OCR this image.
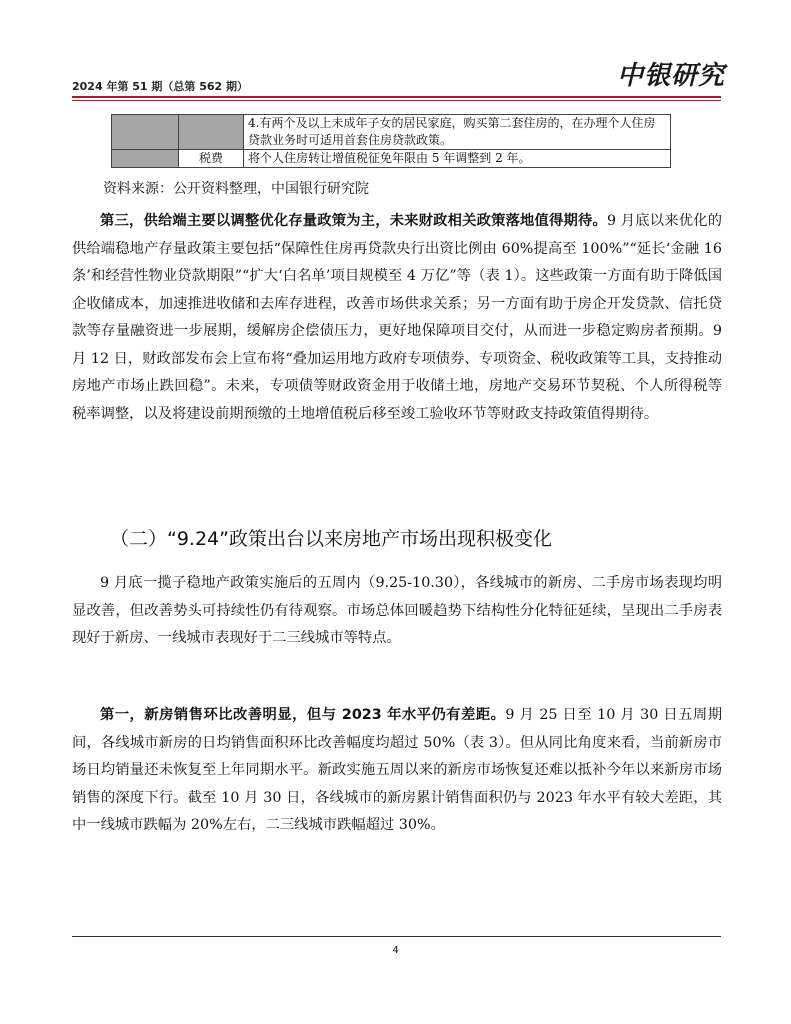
2024 年第 51 期（总第 562 期）	中银研究
		4.有两个及以上未成年子女的居民家庭，购买第二套住房的，在办理个人住房贷款业务时可适用首套住房贷款政策。
	税费	将个人住房转让增值税征免年限由 5 年调整到 2 年。
资料来源：公开资料整理，中国银行研究院

第三，供给端主要以调整优化存量政策为主，未来财政相关政策落地值得期待。9 月底以来优化的供给端稳地产存量政策主要包括“保障性住房再贷款央行出资比例由 60%提高至 100%”“延长‘金融 16 条’和经营性物业贷款期限”“扩大‘白名单’项目规模至 4 万亿”等（表 1）。这些政策一方面有助于降低国企收储成本，加速推进收储和去库存进程，改善市场供求关系；另一方面有助于房企开发贷款、信托贷款等存量融资进一步展期，缓解房企偿债压力，更好地保障项目交付，从而进一步稳定购房者预期。9 月 12 日，财政部发布会上宣布将“叠加运用地方政府专项债券、专项资金、税收政策等工具，支持推动房地产市场止跌回稳”。未来，专项债等财政资金用于收储土地，房地产交易环节契税、个人所得税等税率调整，以及将建设前期预缴的土地增值税后移至竣工验收环节等财政支持政策值得期待。

（二）“9.24”政策出台以来房地产市场出现积极变化

9 月底一揽子稳地产政策实施后的五周内（9.25-10.30），各线城市的新房、二手房市场表现均明显改善，但改善势头可持续性仍有待观察。市场总体回暖趋势下结构性分化特征延续，呈现出二手房表现好于新房、一线城市表现好于二三线城市等特点。

第一，新房销售环比改善明显，但与 2023 年水平仍有差距。9 月 25 日至 10 月 30 日五周期间，各线城市新房的日均销售面积环比改善幅度均超过 50%（表 3）。但从同比角度来看，当前新房市场日均销量还未恢复至上年同期水平。新政实施五周以来的新房市场恢复还难以抵补今年以来新房市场销售的深度下行。截至 10 月 30 日，各线城市的新房累计销售面积仍与 2023 年水平有较大差距，其中一线城市跌幅为 20%左右，二三线城市跌幅超过 30%。

4
